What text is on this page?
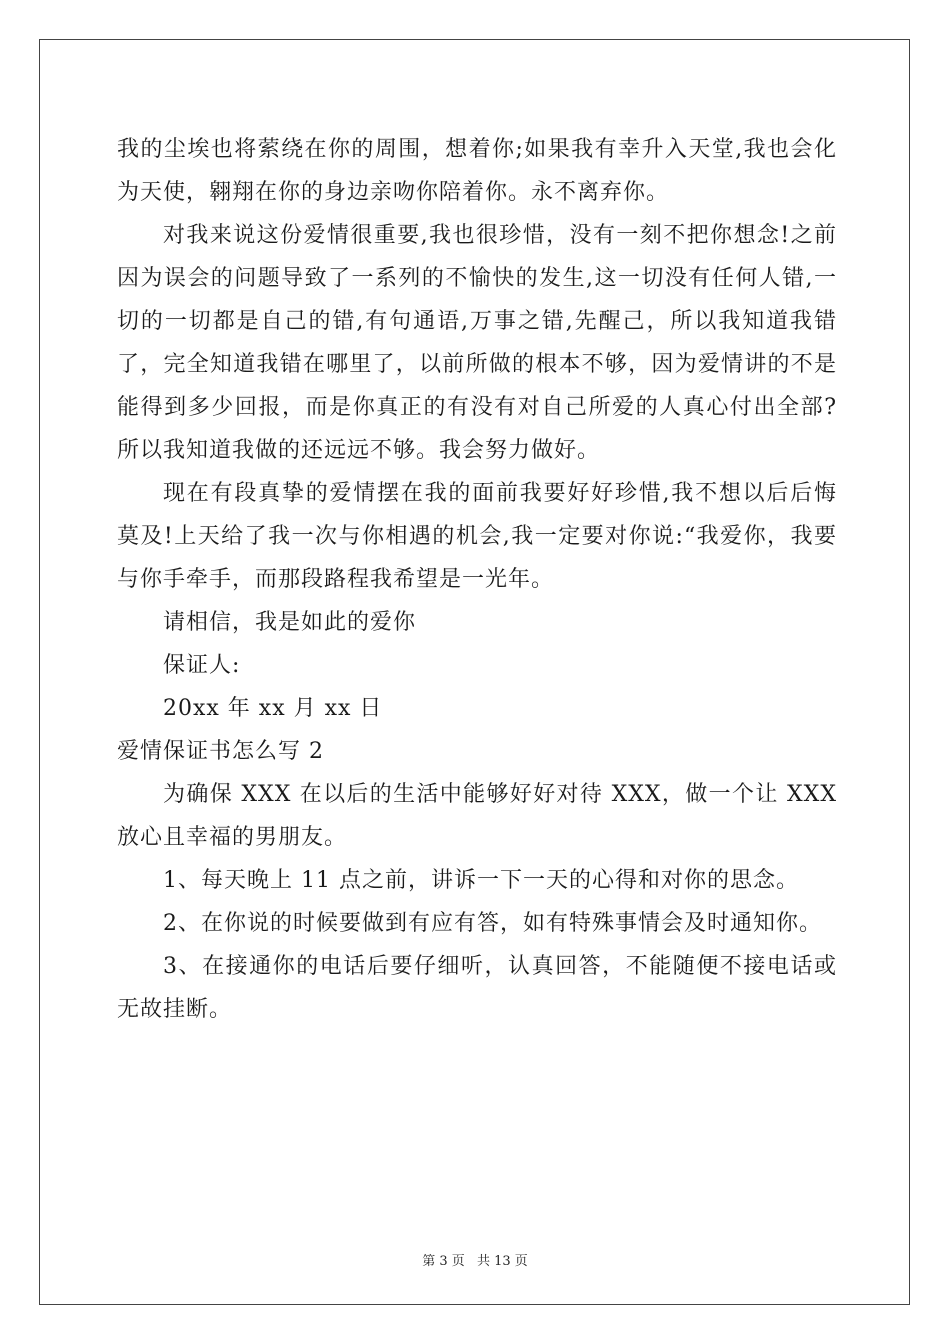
我的尘埃也将萦绕在你的周围，想着你;如果我有幸升入天堂,我也会化为天使，翱翔在你的身边亲吻你陪着你。永不离弃你。

对我来说这份爱情很重要,我也很珍惜，没有一刻不把你想念!之前因为误会的问题导致了一系列的不愉快的发生,这一切没有任何人错,一切的一切都是自己的错,有句通语,万事之错,先醒己，所以我知道我错了，完全知道我错在哪里了，以前所做的根本不够，因为爱情讲的不是能得到多少回报，而是你真正的有没有对自己所爱的人真心付出全部?所以我知道我做的还远远不够。我会努力做好。

现在有段真挚的爱情摆在我的面前我要好好珍惜,我不想以后后悔莫及!上天给了我一次与你相遇的机会,我一定要对你说:“我爱你，我要与你手牵手，而那段路程我希望是一光年。

请相信，我是如此的爱你

保证人:

20xx 年 xx 月 xx 日

爱情保证书怎么写 2

为确保 XXX 在以后的生活中能够好好对待 XXX，做一个让 XXX 放心且幸福的男朋友。

1、每天晚上 11 点之前，讲诉一下一天的心得和对你的思念。

2、在你说的时候要做到有应有答，如有特殊事情会及时通知你。

3、在接通你的电话后要仔细听，认真回答，不能随便不接电话或无故挂断。

第 3 页 共 13 页
